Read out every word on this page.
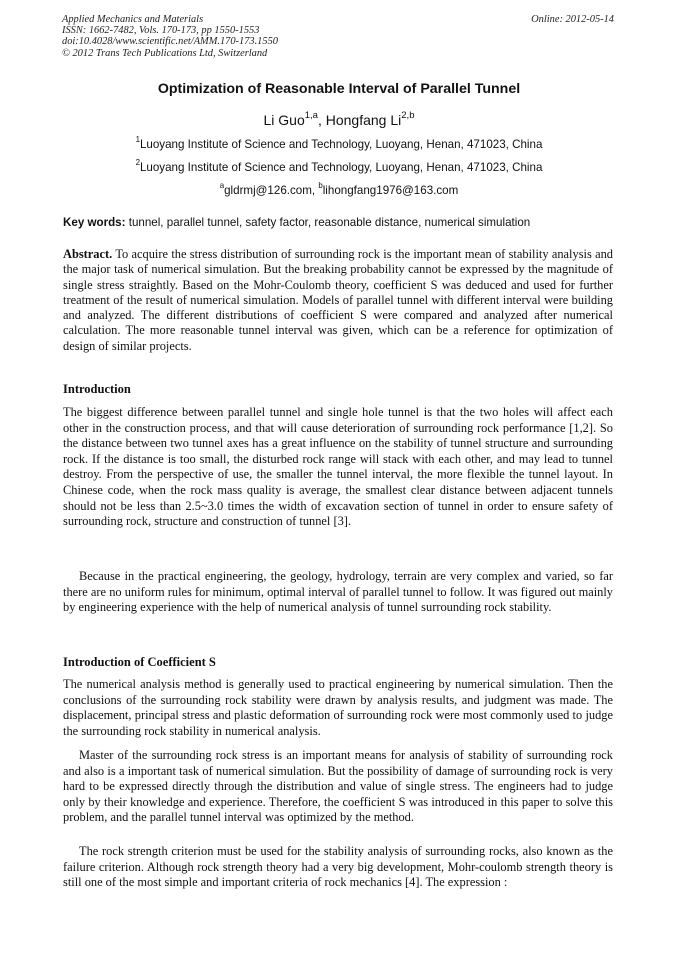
Applied Mechanics and Materials
ISSN: 1662-7482, Vols. 170-173, pp 1550-1553
doi:10.4028/www.scientific.net/AMM.170-173.1550
© 2012 Trans Tech Publications Ltd, Switzerland
Online: 2012-05-14
Optimization of Reasonable Interval of Parallel Tunnel
Li Guo$^{1,a}$, Hongfang Li$^{2,b}$
$^1$Luoyang Institute of Science and Technology, Luoyang, Henan, 471023, China
$^2$Luoyang Institute of Science and Technology, Luoyang, Henan, 471023, China
$^a$gldrmj@126.com, $^b$lihongfang1976@163.com
Key words: tunnel, parallel tunnel, safety factor, reasonable distance, numerical simulation
Abstract. To acquire the stress distribution of surrounding rock is the important mean of stability analysis and the major task of numerical simulation. But the breaking probability cannot be expressed by the magnitude of single stress straightly. Based on the Mohr-Coulomb theory, coefficient S was deduced and used for further treatment of the result of numerical simulation. Models of parallel tunnel with different interval were building and analyzed. The different distributions of coefficient S were compared and analyzed after numerical calculation. The more reasonable tunnel interval was given, which can be a reference for optimization of design of similar projects.
Introduction
The biggest difference between parallel tunnel and single hole tunnel is that the two holes will affect each other in the construction process, and that will cause deterioration of surrounding rock performance [1,2]. So the distance between two tunnel axes has a great influence on the stability of tunnel structure and surrounding rock. If the distance is too small, the disturbed rock range will stack with each other, and may lead to tunnel destroy. From the perspective of use, the smaller the tunnel interval, the more flexible the tunnel layout. In Chinese code, when the rock mass quality is average, the smallest clear distance between adjacent tunnels should not be less than 2.5~3.0 times the width of excavation section of tunnel in order to ensure safety of surrounding rock, structure and construction of tunnel [3].
Because in the practical engineering, the geology, hydrology, terrain are very complex and varied, so far there are no uniform rules for minimum, optimal interval of parallel tunnel to follow. It was figured out mainly by engineering experience with the help of numerical analysis of tunnel surrounding rock stability.
Introduction of Coefficient S
The numerical analysis method is generally used to practical engineering by numerical simulation. Then the conclusions of the surrounding rock stability were drawn by analysis results, and judgment was made. The displacement, principal stress and plastic deformation of surrounding rock were most commonly used to judge the surrounding rock stability in numerical analysis.
Master of the surrounding rock stress is an important means for analysis of stability of surrounding rock and also is a important task of numerical simulation. But the possibility of damage of surrounding rock is very hard to be expressed directly through the distribution and value of single stress. The engineers had to judge only by their knowledge and experience. Therefore, the coefficient S was introduced in this paper to solve this problem, and the parallel tunnel interval was optimized by the method.
The rock strength criterion must be used for the stability analysis of surrounding rocks, also known as the failure criterion. Although rock strength theory had a very big development, Mohr-coulomb strength theory is still one of the most simple and important criteria of rock mechanics [4]. The expression :
